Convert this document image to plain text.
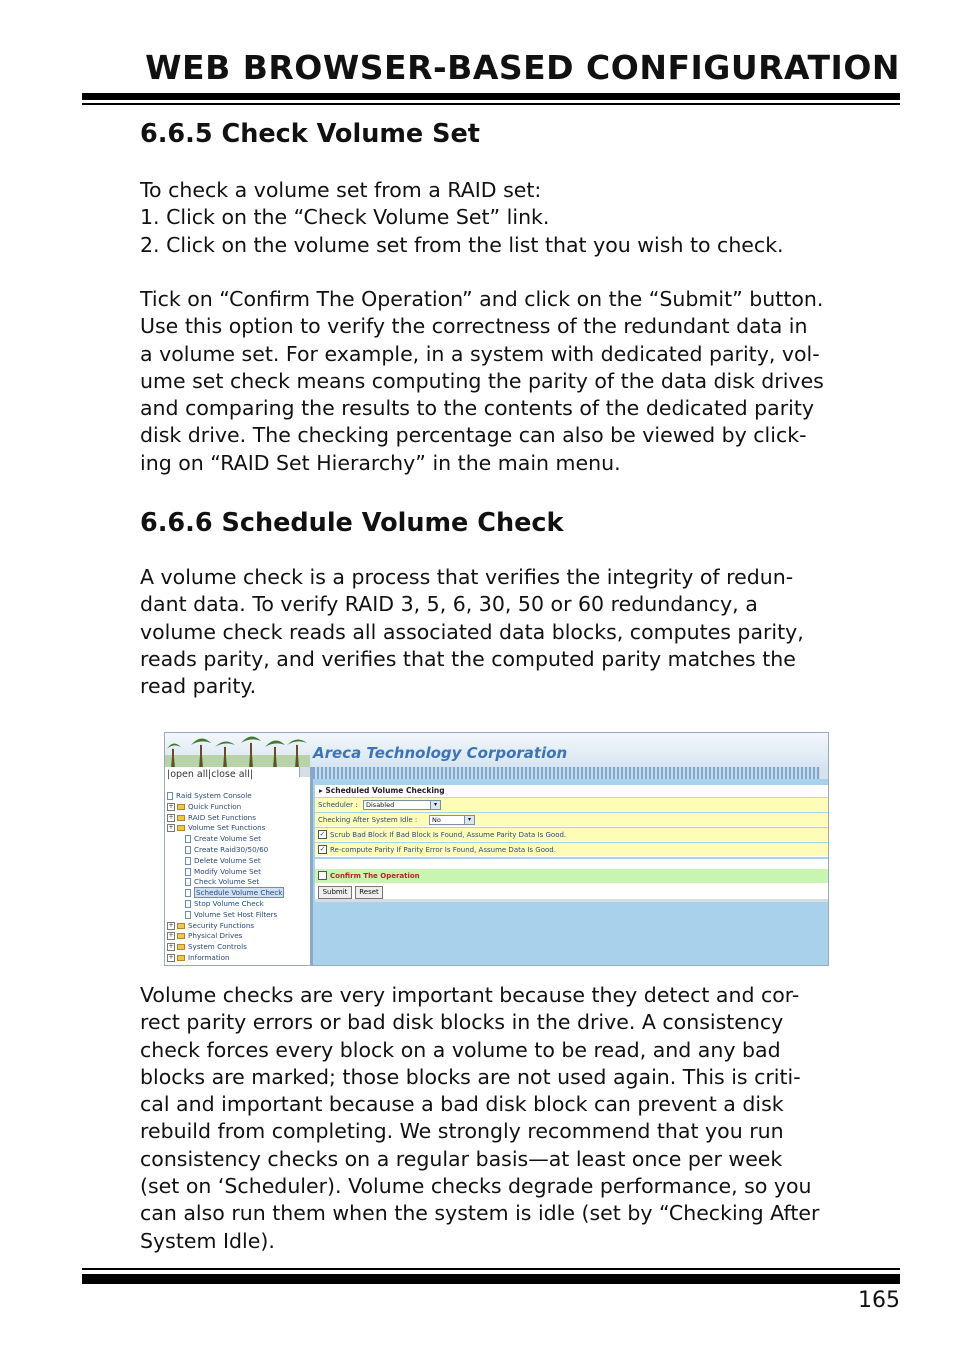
WEB BROWSER-BASED CONFIGURATION
6.6.5 Check Volume Set
To check a volume set from a RAID set:
1. Click on the “Check Volume Set” link.
2. Click on the volume set from the list that you wish to check.
Tick on “Confirm The Operation” and click on the “Submit” button.
Use this option to verify the correctness of the redundant data in
a volume set. For example, in a system with dedicated parity, vol-
ume set check means computing the parity of the data disk drives
and comparing the results to the contents of the dedicated parity
disk drive. The checking percentage can also be viewed by click-
ing on “RAID Set Hierarchy” in the main menu.
6.6.6 Schedule Volume Check
A volume check is a process that verifies the integrity of redun-
dant data. To verify RAID 3, 5, 6, 30, 50 or 60 redundancy, a
volume check reads all associated data blocks, computes parity,
reads parity, and verifies that the computed parity matches the
read parity.
Areca Technology Corporation
|open all|close all|
Raid System Console
+ Quick Function
+ RAID Set Functions
+ Volume Set Functions
Create Volume Set
Create Raid30/50/60
Delete Volume Set
Modify Volume Set
Check Volume Set
Schedule Volume Check
Stop Volume Check
Volume Set Host Filters
+ Security Functions
+ Physical Drives
+ System Controls
+ Information
▸ Scheduled Volume Checking
Scheduler :	Disabled	▾
Checking After System Idle :	No	▾
✓ Scrub Bad Block If Bad Block Is Found, Assume Parity Data Is Good.
✓ Re-compute Parity If Parity Error Is Found, Assume Data Is Good.
Confirm The Operation
Submit	Reset
Volume checks are very important because they detect and cor-
rect parity errors or bad disk blocks in the drive. A consistency
check forces every block on a volume to be read, and any bad
blocks are marked; those blocks are not used again. This is criti-
cal and important because a bad disk block can prevent a disk
rebuild from completing. We strongly recommend that you run
consistency checks on a regular basis—at least once per week
(set on ‘Scheduler). Volume checks degrade performance, so you
can also run them when the system is idle (set by “Checking After
System Idle).
165
